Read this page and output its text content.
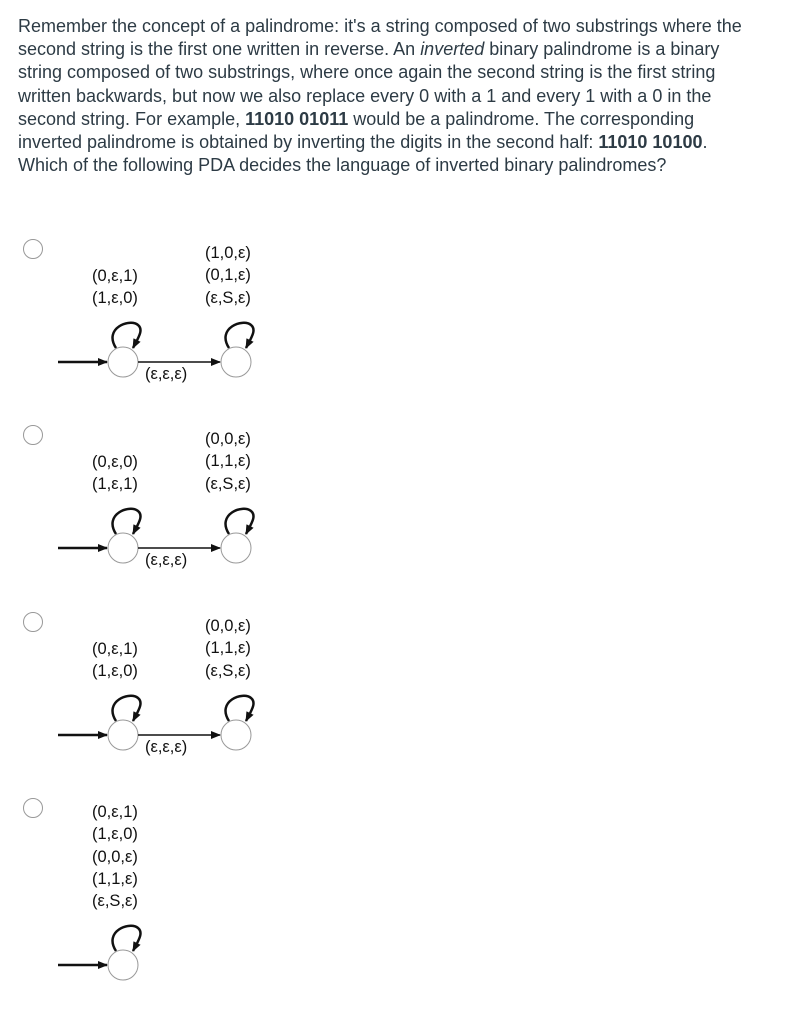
Remember the concept of a palindrome: it's a string composed of two substrings where the second string is the first one written in reverse. An inverted binary palindrome is a binary string composed of two substrings, where once again the second string is the first string written backwards, but now we also replace every 0 with a 1 and every 1 with a 0 in the second string. For example, 11010 01011 would be a palindrome. The corresponding inverted palindrome is obtained by inverting the digits in the second half: 11010 10100. Which of the following PDA decides the language of inverted binary palindromes?
(0,ε,1)
(1,ε,0)
(1,0,ε)
(0,1,ε)
(ε,S,ε)
(ε,ε,ε)
(0,ε,0)
(1,ε,1)
(0,0,ε)
(1,1,ε)
(ε,S,ε)
(ε,ε,ε)
(0,ε,1)
(1,ε,0)
(0,0,ε)
(1,1,ε)
(ε,S,ε)
(ε,ε,ε)
(0,ε,1)
(1,ε,0)
(0,0,ε)
(1,1,ε)
(ε,S,ε)
